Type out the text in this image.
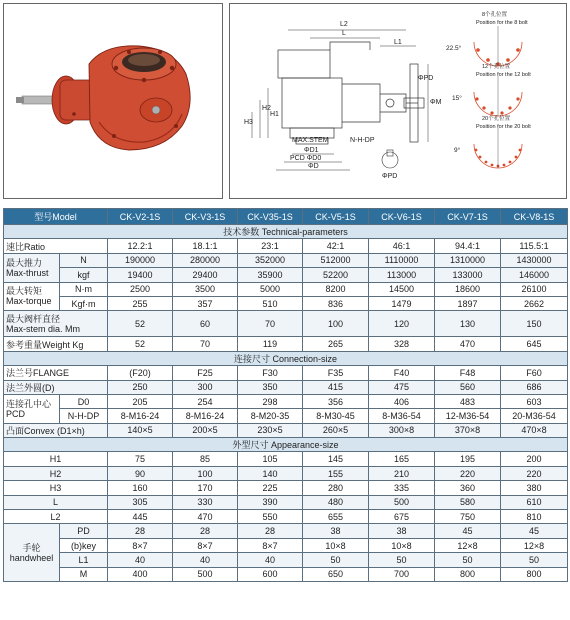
L2
L
L1
H1
H2
H3
MAX.STEM
ΦD1
PCD ΦD0
ΦD
N-H-DP
ΦPD
ΦM
ΦPD
22.5°
15°
9°
8个孔位置
Position for the 8 bolt
12个孔位置
Position for the 12 bolt
20个孔位置
Position for the 20 bolt
型号Model		CK-V2-1S	CK-V3-1S	CK-V35-1S	CK-V5-1S	CK-V6-1S	CK-V7-1S	CK-V8-1S
技术参数 Technical-parameters								
速比Ratio		12.2:1	18.1:1	23:1	42:1	46:1	94.4:1	115.5:1
最大推力
Max-thrust	N	190000	280000	352000	512000	1110000	1310000	1430000
	kgf	19400	29400	35900	52200	113000	133000	146000
最大转矩
Max-torque	N·m	2500	3500	5000	8200	14500	18600	26100
	Kgf·m	255	357	510	836	1479	1897	2662
最大阀杆直径
Max-stem dia. Mm		52	60	70	100	120	130	150
参考重量Weight Kg		52	70	119	265	328	470	645
连接尺寸 Connection-size								
法兰号FLANGE		(F20)	F25	F30	F35	F40	F48	F60
法兰外圆(D)		250	300	350	415	475	560	686
连接孔中心
PCD	D0	205	254	298	356	406	483	603
	N-H-DP	8-M16-24	8-M16-24	8-M20-35	8-M30-45	8-M36-54	12-M36-54	20-M36-54
凸面Convex (D1×h)		140×5	200×5	230×5	260×5	300×8	370×8	470×8
外型尺寸 Appearance-size								
H1		75	85	105	145	165	195	200
H2		90	100	140	155	210	220	220
H3		160	170	225	280	335	360	380
L		305	330	390	480	500	580	610
L2		445	470	550	655	675	750	810
手轮
handwheel	PD	28	28	28	38	38	45	45
	(b)key	8×7	8×7	8×7	10×8	10×8	12×8	12×8
	L1	40	40	40	50	50	50	50
	M	400	500	600	650	700	800	800
